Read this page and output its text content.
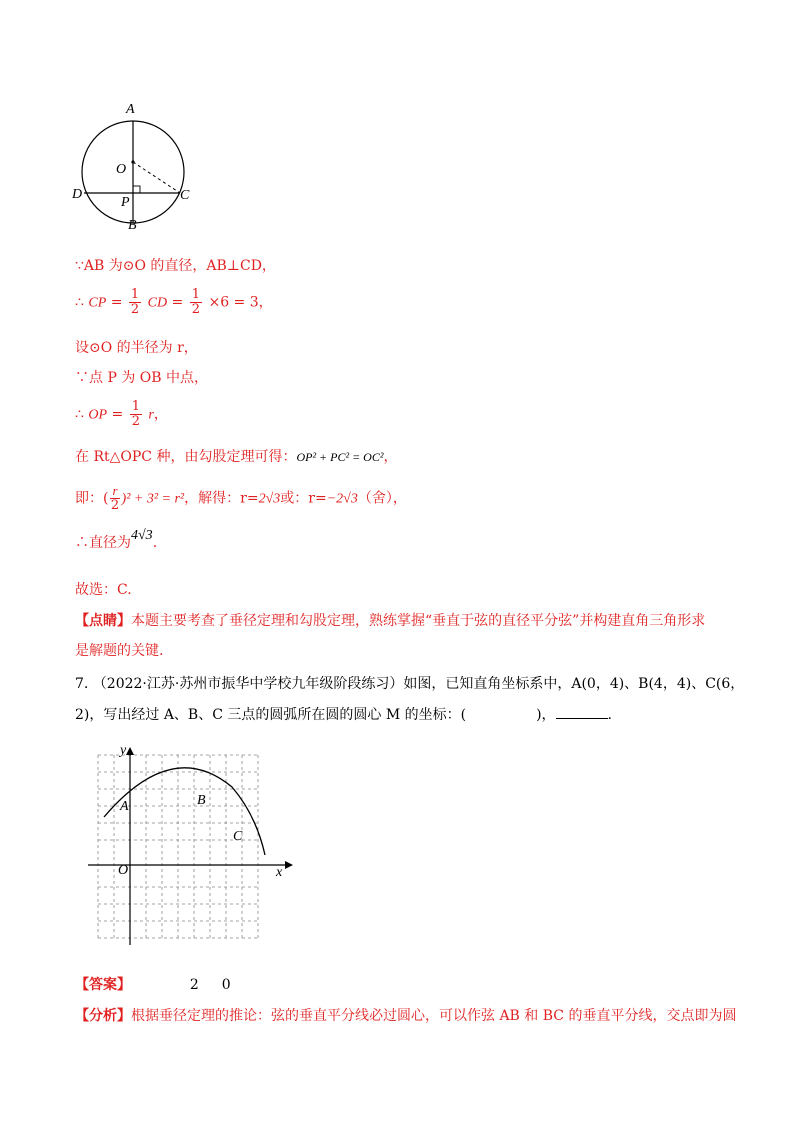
A
O
D	C
P
B
∵AB 为⊙O 的直径，AB⊥CD，
∴ CP = $\frac{1}{2}$ CD = $\frac{1}{2} \times 6 = 3$，
设⊙O 的半径为 r，
∵点 P 为 OB 中点，
∴ OP = $\frac{1}{2}$ r，
在 Rt△OPC 种，由勾股定理可得：OP² + PC² = OC²，
即：( $\frac{r}{2} )^2 + 3^2 = r^2$，解得：r=2√3或：r=−2√3（舍），
∴直径为4√3.
故选：C.
【点睛】本题主要考查了垂径定理和勾股定理，熟练掌握“垂直于弦的直径平分弦”并构建直角三角形求
是解题的关键.
7. （2022·江苏·苏州市振华中学校九年级阶段练习）如图，已知直角坐标系中，A(0，4)、B(4，4)、C(6，
2)，写出经过 A、B、C 三点的圆弧所在圆的圆心 M 的坐标：(	)，	.
y
x
O
A	B
C
【答案】	2 0
【分析】根据垂径定理的推论：弦的垂直平分线必过圆心，可以作弦 AB 和 BC 的垂直平分线，交点即为圆
